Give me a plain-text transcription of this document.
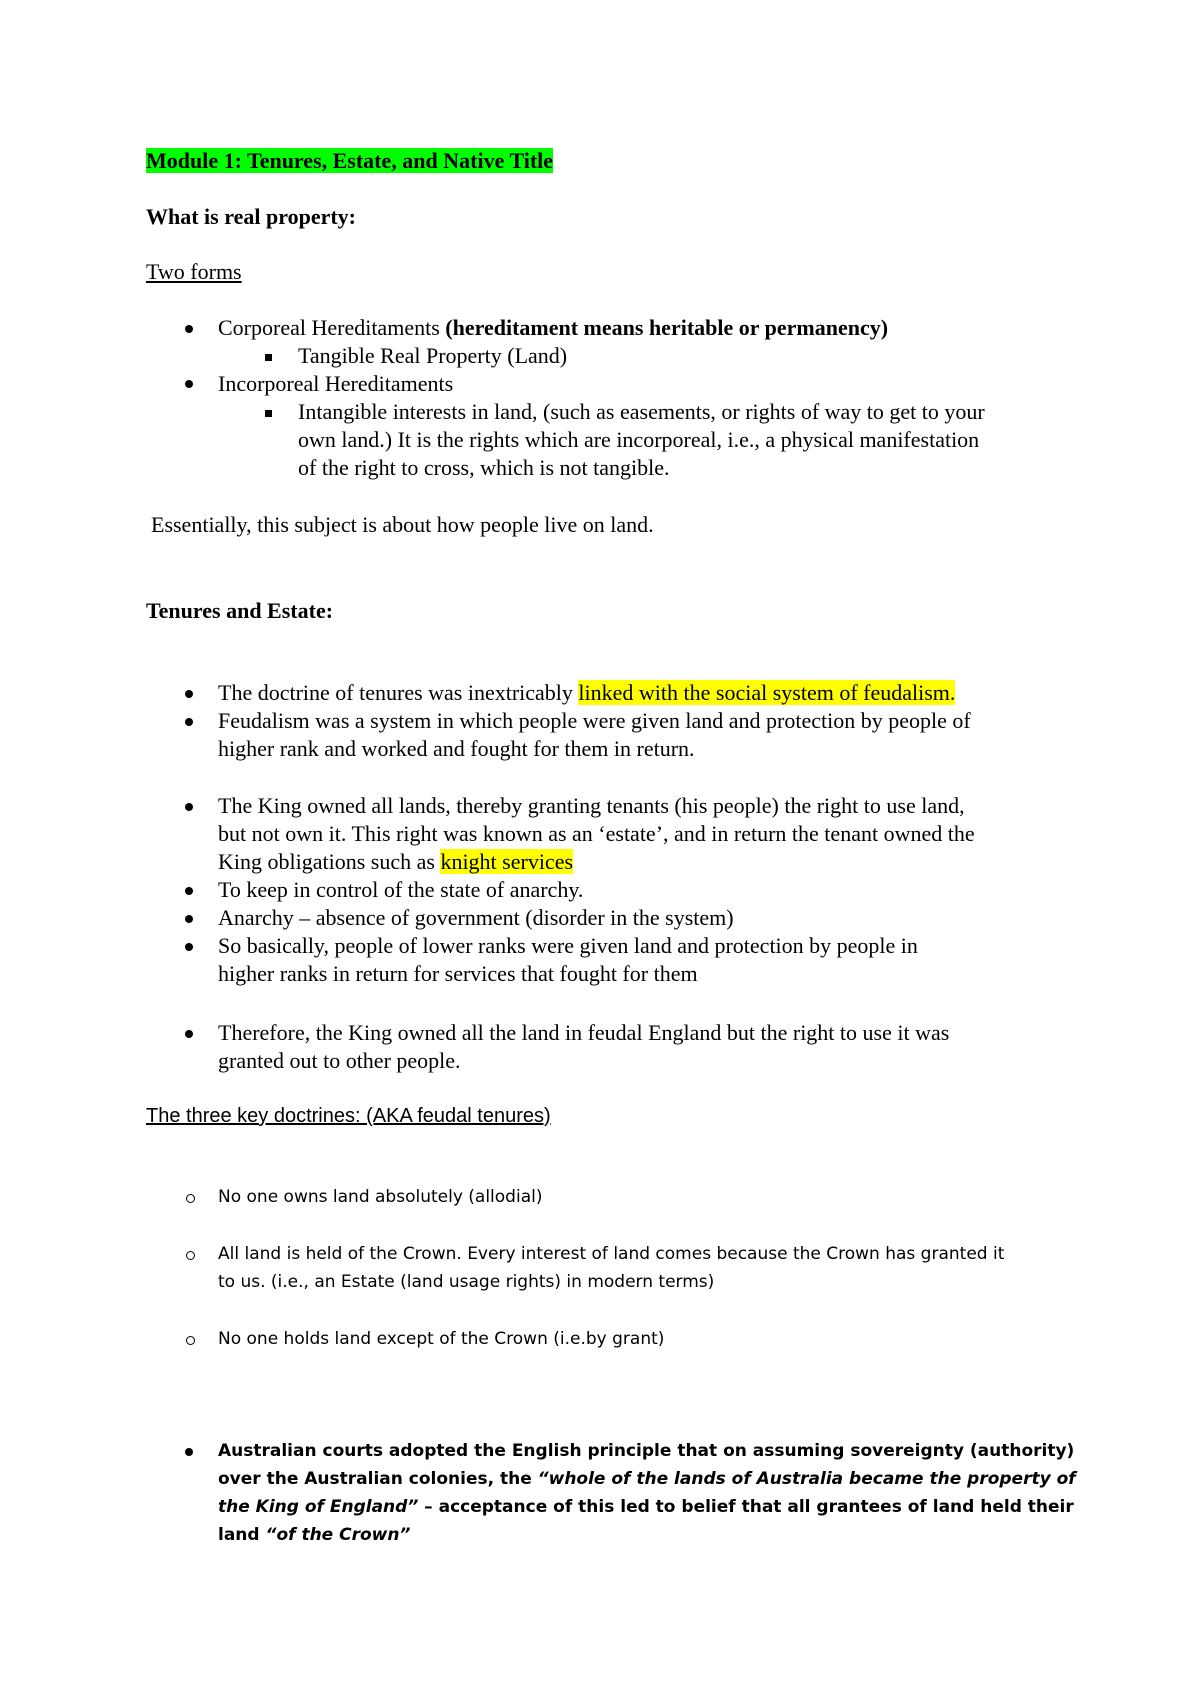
Module 1: Tenures, Estate, and Native Title
What is real property:
Two forms
Corporeal Hereditaments (hereditament means heritable or permanency)
Tangible Real Property (Land)
Incorporeal Hereditaments
Intangible interests in land, (such as easements, or rights of way to get to your
own land.) It is the rights which are incorporeal, i.e., a physical manifestation
of the right to cross, which is not tangible.
Essentially, this subject is about how people live on land.
Tenures and Estate:
The doctrine of tenures was inextricably linked with the social system of feudalism.
Feudalism was a system in which people were given land and protection by people of
higher rank and worked and fought for them in return.
The King owned all lands, thereby granting tenants (his people) the right to use land,
but not own it. This right was known as an ‘estate’, and in return the tenant owned the
King obligations such as knight services
To keep in control of the state of anarchy.
Anarchy – absence of government (disorder in the system)
So basically, people of lower ranks were given land and protection by people in
higher ranks in return for services that fought for them
Therefore, the King owned all the land in feudal England but the right to use it was
granted out to other people.
The three key doctrines: (AKA feudal tenures)
No one owns land absolutely (allodial)
All land is held of the Crown. Every interest of land comes because the Crown has granted it
to us. (i.e., an Estate (land usage rights) in modern terms)
No one holds land except of the Crown (i.e.by grant)
Australian courts adopted the English principle that on assuming sovereignty (authority)
over the Australian colonies, the “whole of the lands of Australia became the property of
the King of England” – acceptance of this led to belief that all grantees of land held their
land “of the Crown”
